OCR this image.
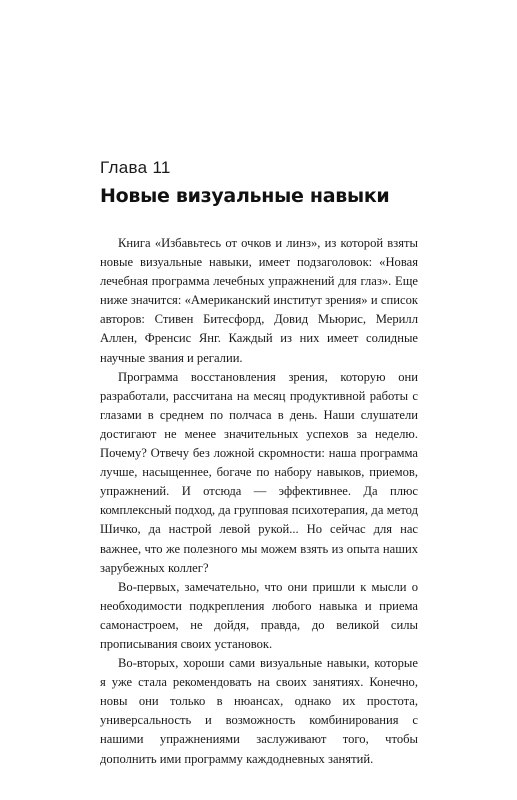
Глава 11
Новые визуальные навыки

Книга «Избавьтесь от очков и линз», из которой взяты новые визуальные навыки, имеет подзаголовок: «Новая лечебная программа лечебных упражнений для глаз». Еще ниже значится: «Американский институт зрения» и список авторов: Стивен Битесфорд, Довид Мьюрис, Мерилл Аллен, Френсис Янг. Каждый из них имеет солидные научные звания и регалии.

Программа восстановления зрения, которую они разработали, рассчитана на месяц продуктивной работы с глазами в среднем по полчаса в день. Наши слушатели достигают не менее значительных успехов за неделю. Почему? Отвечу без ложной скромности: наша программа лучше, насыщеннее, богаче по набору навыков, приемов, упражнений. И отсюда — эффективнее. Да плюс комплексный подход, да групповая психотерапия, да метод Шичко, да настрой левой рукой... Но сейчас для нас важнее, что же полезного мы можем взять из опыта наших зарубежных коллег?

Во-первых, замечательно, что они пришли к мысли о необходимости подкрепления любого навыка и приема самонастроем, не дойдя, правда, до великой силы прописывания своих установок.

Во-вторых, хороши сами визуальные навыки, которые я уже стала рекомендовать на своих занятиях. Конечно, новы они только в нюансах, однако их простота, универсальность и возможность комбинирования с нашими упражнениями заслуживают того, чтобы дополнить ими программу каждодневных занятий.
